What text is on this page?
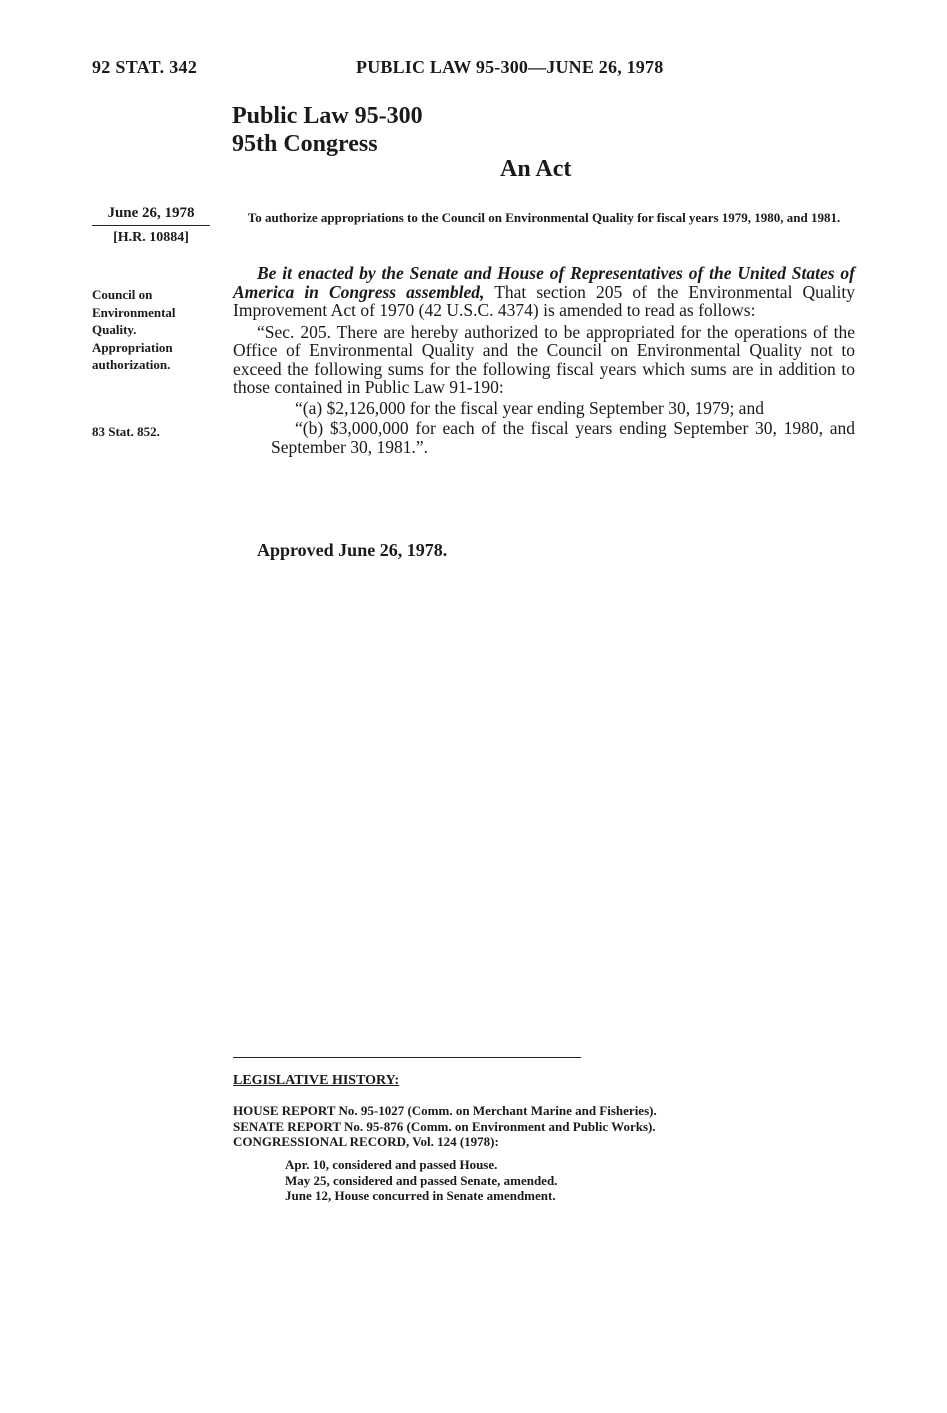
92 STAT. 342	PUBLIC LAW 95-300—JUNE 26, 1978
Public Law 95-300
95th Congress
An Act
June 26, 1978
[H.R. 10884]
Council on
Environmental
Quality.
Appropriation
authorization.
83 Stat. 852.
To authorize appropriations to the Council on Environmental Quality for fiscal years 1979, 1980, and 1981.

Be it enacted by the Senate and House of Representatives of the United States of America in Congress assembled, That section 205 of the Environmental Quality Improvement Act of 1970 (42 U.S.C. 4374) is amended to read as follows:

“Sec. 205. There are hereby authorized to be appropriated for the operations of the Office of Environmental Quality and the Council on Environmental Quality not to exceed the following sums for the following fiscal years which sums are in addition to those contained in Public Law 91-190:

“(a) $2,126,000 for the fiscal year ending September 30, 1979; and

“(b) $3,000,000 for each of the fiscal years ending September 30, 1980, and September 30, 1981.”.

Approved June 26, 1978.
LEGISLATIVE HISTORY:
HOUSE REPORT No. 95-1027 (Comm. on Merchant Marine and Fisheries).
SENATE REPORT No. 95-876 (Comm. on Environment and Public Works).
CONGRESSIONAL RECORD, Vol. 124 (1978):
Apr. 10, considered and passed House.
May 25, considered and passed Senate, amended.
June 12, House concurred in Senate amendment.
